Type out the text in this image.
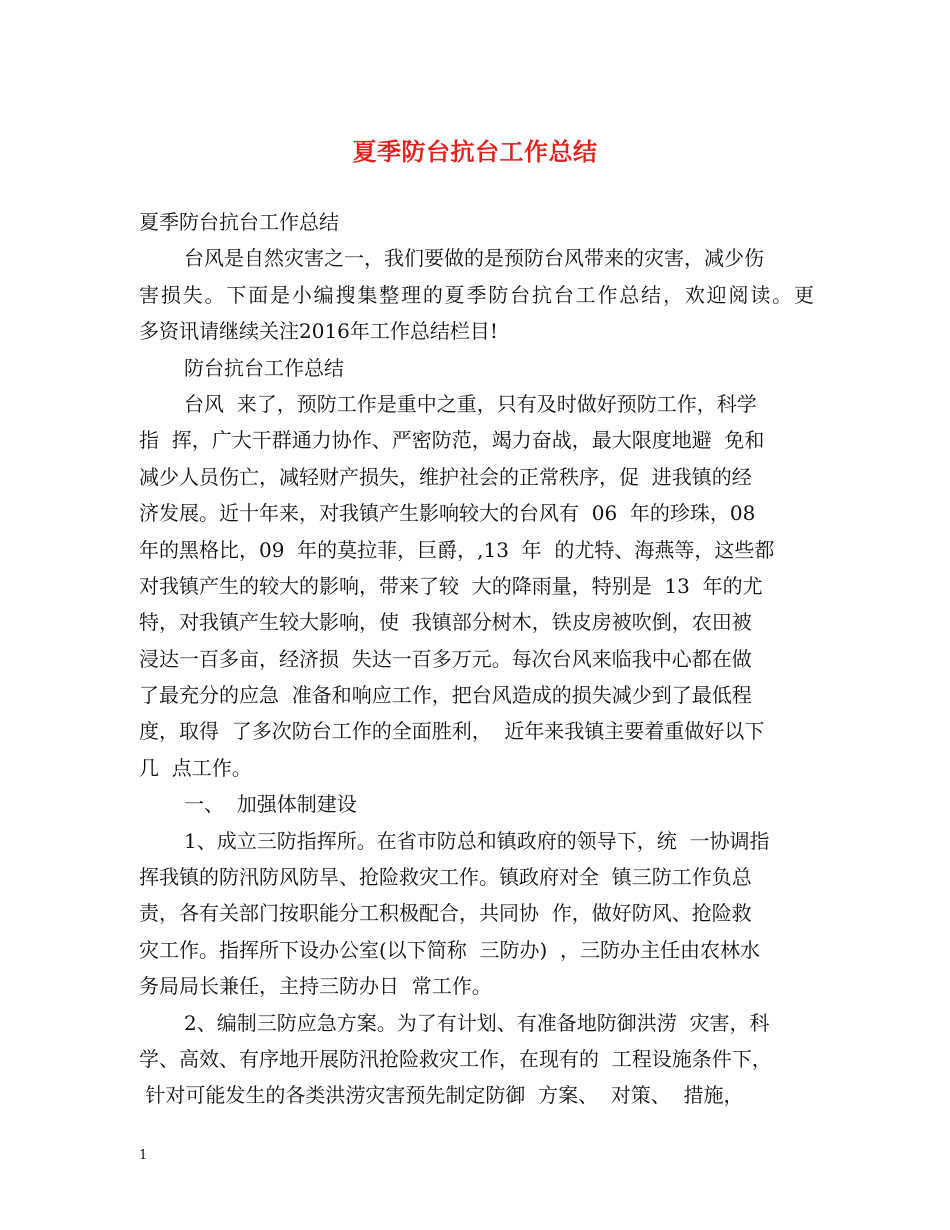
夏季防台抗台工作总结
夏季防台抗台工作总结
台风是自然灾害之一，我们要做的是预防台风带来的灾害，减少伤
害损失。下面是小编搜集整理的夏季防台抗台工作总结，欢迎阅读。更
多资讯请继续关注2016年工作总结栏目!
防台抗台工作总结
台风  来了，预防工作是重中之重，只有及时做好预防工作，科学
指  挥，广大干群通力协作、严密防范，竭力奋战，最大限度地避  免和
减少人员伤亡，减轻财产损失，维护社会的正常秩序，促  进我镇的经
济发展。近十年来，对我镇产生影响较大的台风有  06  年的珍珠，08
年的黑格比，09  年的莫拉菲，巨爵，,13  年  的尤特、海燕等，这些都
对我镇产生的较大的影响，带来了较  大的降雨量，特别是  13  年的尤
特，对我镇产生较大影响，使  我镇部分树木，铁皮房被吹倒，农田被
浸达一百多亩，经济损  失达一百多万元。每次台风来临我中心都在做
了最充分的应急  准备和响应工作，把台风造成的损失减少到了最低程
度，取得  了多次防台工作的全面胜利，  近年来我镇主要着重做好以下
几  点工作。
一、  加强体制建设
1、成立三防指挥所。在省市防总和镇政府的领导下，统  一协调指
挥我镇的防汛防风防旱、抢险救灾工作。镇政府对全  镇三防工作负总
责，各有关部门按职能分工积极配合，共同协  作，做好防风、抢险救
灾工作。指挥所下设办公室(以下简称  三防办)  ，三防办主任由农林水
务局局长兼任，主持三防办日  常工作。
2、编制三防应急方案。为了有计划、有准备地防御洪涝  灾害，科
学、高效、有序地开展防汛抢险救灾工作，在现有的  工程设施条件下，
针对可能发生的各类洪涝灾害预先制定防御  方案、  对策、  措施，
1
